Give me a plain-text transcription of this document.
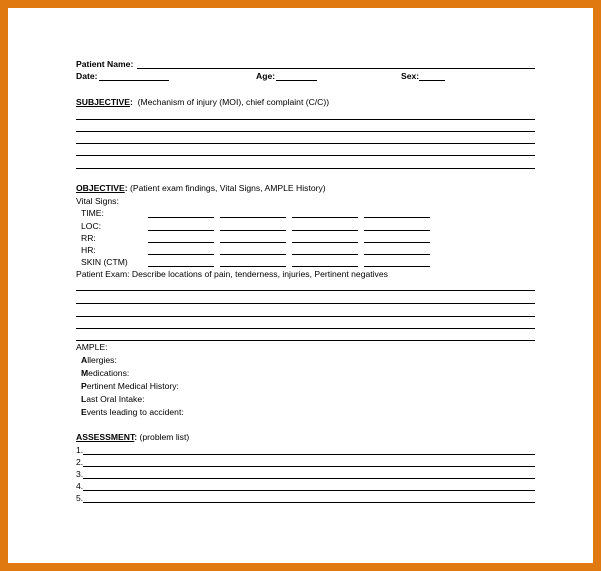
Patient Name:
Date:	Age:	Sex:
SUBJECTIVE: (Mechanism of injury (MOI), chief complaint (C/C))
OBJECTIVE: (Patient exam findings, Vital Signs, AMPLE History)
Vital Signs:
TIME:
LOC:
RR:
HR:
SKIN (CTM)
Patient Exam: Describe locations of pain, tenderness, injuries, Pertinent negatives
AMPLE:
Allergies:
Medications:
Pertinent Medical History:
Last Oral Intake:
Events leading to accident:
ASSESSMENT: (problem list)
1.
2.
3.
4.
5.
